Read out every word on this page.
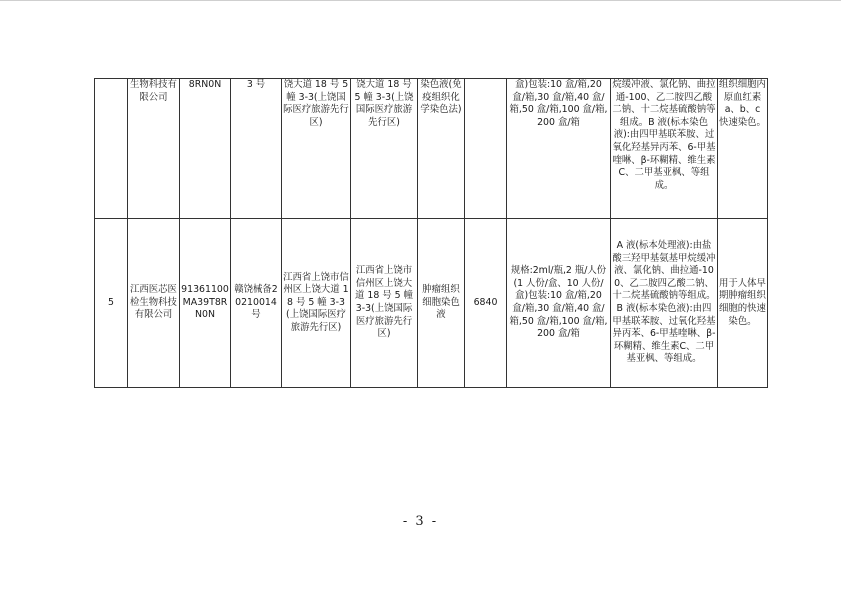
	生物科技有限公司	8RN0N	3 号	饶大道 18 号 5 幢 3-3(上饶国际医疗旅游先行区)	饶大道 18 号 5 幢 3-3(上饶国际医疗旅游先行区)	染色液(免疫组织化学染色法)		盒)包装:10 盒/箱,20 盒/箱,30 盒/箱,40 盒/箱,50 盒/箱,100 盒/箱,200 盒/箱	烷缓冲液、氯化钠、曲拉通-100、乙二胺四乙酸二钠、十二烷基硫酸钠等组成。B 液(标本染色液):由四甲基联苯胺、过氧化羟基异丙苯、6-甲基喹啉、β-环糊精、维生素C、二甲基亚枫、等组成。	组织细胞内原血红素 a、b、c 快速染色。
5	江西医芯医检生物科技有限公司	91361100MA39T8RN0N	赣饶械备20210014 号	江西省上饶市信州区上饶大道 18 号 5 幢 3-3(上饶国际医疗旅游先行区)	江西省上饶市信州区上饶大道 18 号 5 幢 3-3(上饶国际医疗旅游先行区)	肿瘤组织细胞染色液	6840	规格:2ml/瓶,2 瓶/人份(1 人份/盒、10 人份/盒)包装:10 盒/箱,20 盒/箱,30 盒/箱,40 盒/箱,50 盒/箱,100 盒/箱,200 盒/箱	A 液(标本处理液):由盐酸三羟甲基氨基甲烷缓冲液、氯化钠、曲拉通-100、乙二胺四乙酸二钠、十二烷基硫酸钠等组成。B 液(标本染色液):由四甲基联苯胺、过氧化羟基异丙苯、6-甲基喹啉、β-环糊精、维生素C、二甲基亚枫、等组成。	用于人体早期肿瘤组织细胞的快速染色。
- 3 -
